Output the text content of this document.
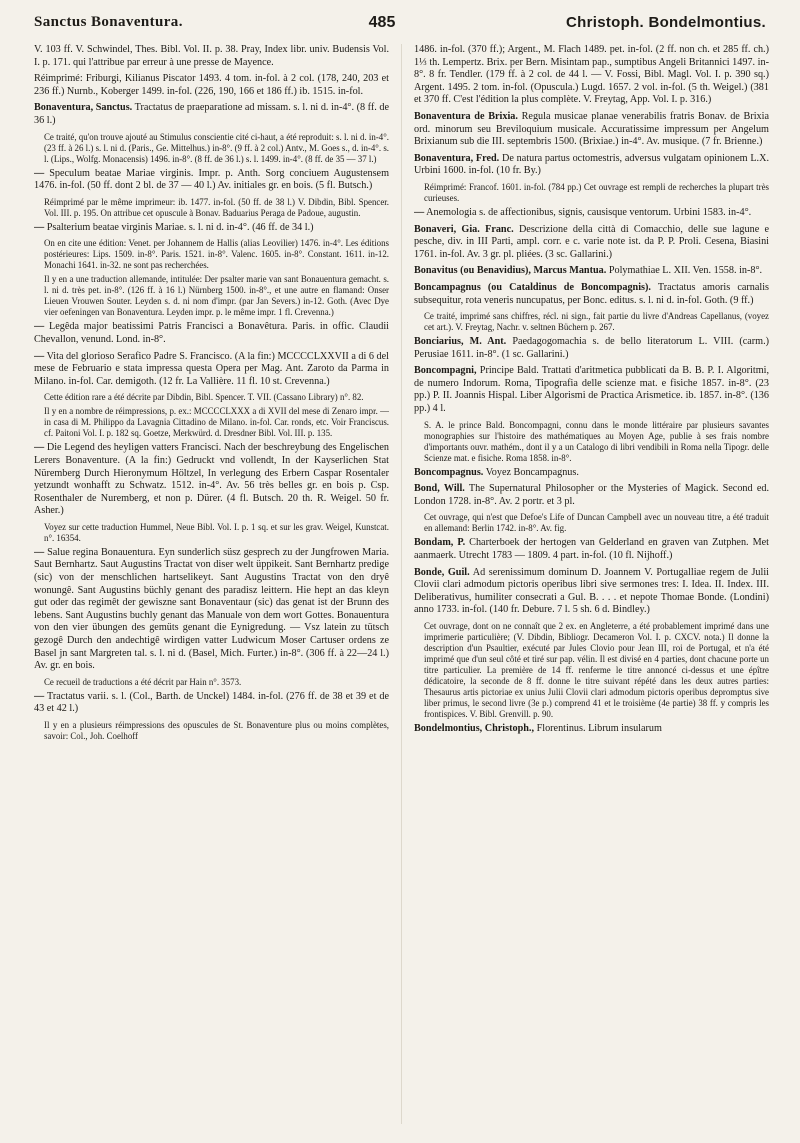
Sanctus Bonaventura.	485	Christoph. Bondelmontius.

V. 103 ff. V. Schwindel, Thes. Bibl. Vol. II. p. 38. Pray, Index libr. univ. Budensis Vol. I. p. 171. qui l'attribue par erreur à une presse de Mayence.

Réimprimé: Friburgi, Kilianus Piscator 1493. 4 tom. in-fol. à 2 col. (178, 240, 203 et 236 ff.) Nurnb., Koberger 1499. in-fol. (226, 190, 166 et 186 ff.) ib. 1515. in-fol.

Bonaventura, Sanctus. Tractatus de praeparatione ad missam. s. l. ni d. in-4°. (8 ff. de 36 l.)

Ce traité, qu'on trouve ajouté au Stimulus conscientie cité ci-haut, a été reproduit: s. l. ni d. in-4°. (23 ff. à 26 l.) s. l. ni d. (Paris., Ge. Mittelhus.) in-8°. (9 ff. à 2 col.) Antv., M. Goes s., d. in-4°. s. l. (Lips., Wolfg. Monacensis) 1496. in-8°. (8 ff. de 36 l.) s. l. 1499. in-4°. (8 ff. de 35 — 37 l.)

— Speculum beatae Mariae virginis. Impr. p. Anth. Sorg conciuem Augustensem 1476. in-fol. (50 ff. dont 2 bl. de 37 — 40 l.) Av. initiales gr. en bois. (5 fl. Butsch.)

Réimprimé par le même imprimeur: ib. 1477. in-fol. (50 ff. de 38 l.) V. Dibdin, Bibl. Spencer. Vol. III. p. 195. On attribue cet opuscule à Bonav. Baduarius Peraga de Padoue, augustin.

— Psalterium beatae virginis Mariae. s. l. ni d. in-4°. (46 ff. de 34 l.)

On en cite une édition: Venet. per Johannem de Hallis (alias Leovilier) 1476. in-4°. Les éditions postérieures: Lips. 1509. in-8°. Paris. 1521. in-8°. Valenc. 1605. in-8°. Constant. 1611. in-12. Monachi 1641. in-32. ne sont pas recherchées.

Il y en a une traduction allemande, intitulée: Der psalter marie van sant Bonauentura gemacht. s. l. ni d. très pet. in-8°. (126 ff. à 16 l.) Nürnberg 1500. in-8°., et une autre en flamand: Onser Lieuen Vrouwen Souter. Leyden s. d. ni nom d'impr. (par Jan Severs.) in-12. Goth. (Avec Dye vier oefeningen van Bonaventura. Leyden impr. p. le même impr. 1 fl. Crevenna.)

— Legêda major beatissimi Patris Francisci a Bonavêtura. Paris. in offic. Claudii Chevallon, venund. Lond. in-8°.

— Vita del glorioso Serafico Padre S. Francisco. (A la fin:) MCCCCLXXVII a di 6 del mese de Februario e stata impressa questa Opera per Mag. Ant. Zaroto da Parma in Milano. in-fol. Car. demigoth. (12 fr. La Vallière. 11 fl. 10 st. Crevenna.)

Cette édition rare a été décrite par Dibdin, Bibl. Spencer. T. VII. (Cassano Library) n°. 82.

Il y en a nombre de réimpressions, p. ex.: MCCCCLXXX a di XVII del mese di Zenaro impr. — in casa di M. Philippo da Lavagnia Cittadino de Milano. in-fol. Car. ronds, etc. Voir Franciscus. cf. Paitoni Vol. I. p. 182 sq. Goetze, Merkwürd. d. Dresdner Bibl. Vol. III. p. 135.

— Die Legend des heyligen vatters Francisci. Nach der beschreybung des Engelischen Lerers Bonaventure. (A la fin:) Gedruckt vnd vollendt, In der Kayserlichen Stat Nüremberg Durch Hieronymum Höltzel, In verlegung des Erbern Caspar Rosentaler yetzundt wonhafft zu Schwatz. 1512. in-4°. Av. 56 très belles gr. en bois p. Csp. Rosenthaler de Nuremberg, et non p. Dürer. (4 fl. Butsch. 20 th. R. Weigel. 50 fr. Asher.)

Voyez sur cette traduction Hummel, Neue Bibl. Vol. I. p. 1 sq. et sur les grav. Weigel, Kunstcat. n°. 16354.

— Salue regina Bonauentura. Eyn sunderlich süsz gesprech zu der Jungfrowen Maria. Saut Bernhartz. Saut Augustins Tractat von diser welt üppikeit. Sant Bernhartz predige (sic) von der menschlichen hartselikeyt. Sant Augustins Tractat von den dryê wonungê. Sant Augustins büchly genant des paradisz leittern. Hie hept an das kleyn gut oder das regimêt der gewiszne sant Bonaventaur (sic) das genat ist der Brunn des lebens. Sant Augustins buchly genant das Manuale von dem wort Gottes. Bonauentura von den vier übungen des gemüts genant die Eynigredung. — Vsz latein zu tütsch gezogê Durch den andechtigê wirdigen vatter Ludwicum Moser Cartuser ordens ze Basel jn sant Margreten tal. s. l. ni d. (Basel, Mich. Furter.) in-8°. (306 ff. à 22—24 l.) Av. gr. en bois.

Ce recueil de traductions a été décrit par Hain n°. 3573.

— Tractatus varii. s. l. (Col., Barth. de Unckel) 1484. in-fol. (276 ff. de 38 et 39 et de 43 et 42 l.)

Il y en a plusieurs réimpressions des opuscules de St. Bonaventure plus ou moins complètes, savoir: Col., Joh. Coelhoff

1486. in-fol. (370 ff.); Argent., M. Flach 1489. pet. in-fol. (2 ff. non ch. et 285 ff. ch.) 1⅓ th. Lempertz. Brix. per Bern. Misintam pap., sumptibus Angeli Britannici 1497. in-8°. 8 fr. Tendler. (179 ff. à 2 col. de 44 l. — V. Fossi, Bibl. Magl. Vol. I. p. 390 sq.) Argent. 1495. 2 tom. in-fol. (Opuscula.) Lugd. 1657. 2 vol. in-fol. (5 th. Weigel.) (381 et 370 ff. C'est l'édition la plus complète. V. Freytag, App. Vol. I. p. 316.)

Bonaventura de Brixia. Regula musicae planae venerabilis fratris Bonav. de Brixia ord. minorum seu Breviloquium musicale. Accuratissime impressum per Angelum Brixianum sub die III. septembris 1500. (Brixiae.) in-4°. Av. musique. (7 fr. Brienne.)

Bonaventura, Fred. De natura partus octomestris, adversus vulgatam opinionem L.X. Urbini 1600. in-fol. (10 fr. By.)

Réimprimé: Francof. 1601. in-fol. (784 pp.) Cet ouvrage est rempli de recherches la plupart très curieuses.

— Anemologia s. de affectionibus, signis, causisque ventorum. Urbini 1583. in-4°.

Bonaveri, Gia. Franc. Descrizione della città di Comacchio, delle sue lagune e pesche, div. in III Parti, ampl. corr. e c. varie note ist. da P. P. Proli. Cesena, Biasini 1761. in-fol. Av. 3 gr. pl. pliées. (3 sc. Gallarini.)

Bonavitus (ou Benavidius), Marcus Mantua. Polymathiae L. XII. Ven. 1558. in-8°.

Boncampagnus (ou Cataldinus de Boncompagnis). Tractatus amoris carnalis subsequitur, rota veneris nuncupatus, per Bonc. editus. s. l. ni d. in-fol. Goth. (9 ff.)

Ce traité, imprimé sans chiffres, récl. ni sign., fait partie du livre d'Andreas Capellanus, (voyez cet art.). V. Freytag, Nachr. v. seltnen Büchern p. 267.

Bonciarius, M. Ant. Paedagogomachia s. de bello literatorum L. VIII. (carm.) Perusiae 1611. in-8°. (1 sc. Gallarini.)

Boncompagni, Principe Bald. Trattati d'aritmetica pubblicati da B. B. P. I. Algoritmi, de numero Indorum. Roma, Tipografia delle scienze mat. e fisiche 1857. in-8°. (23 pp.) P. II. Joannis Hispal. Liber Algorismi de Practica Arismetice. ib. 1857. in-8°. (136 pp.) 4 l.

S. A. le prince Bald. Boncompagni, connu dans le monde littéraire par plusieurs savantes monographies sur l'histoire des mathématiques au Moyen Age, publie à ses frais nombre d'importants ouvr. mathém., dont il y a un Catalogo di libri vendibili in Roma nella Tipogr. delle Scienze mat. e fisiche. Roma 1858. in-8°.

Boncompagnus. Voyez Boncampagnus.

Bond, Will. The Supernatural Philosopher or the Mysteries of Magick. Second ed. London 1728. in-8°. Av. 2 portr. et 3 pl.

Cet ouvrage, qui n'est que Defoe's Life of Duncan Campbell avec un nouveau titre, a été traduit en allemand: Berlin 1742. in-8°. Av. fig.

Bondam, P. Charterboek der hertogen van Gelderland en graven van Zutphen. Met aanmaerk. Utrecht 1783 — 1809. 4 part. in-fol. (10 fl. Nijhoff.)

Bonde, Guil. Ad serenissimum dominum D. Joannem V. Portugalliae regem de Julii Clovii clari admodum pictoris operibus libri sive sermones tres: I. Idea. II. Index. III. Deliberativus, humiliter consecrati a Gul. B. . . . et nepote Thomae Bonde. (Londini) anno 1733. in-fol. (140 fr. Debure. 7 l. 5 sh. 6 d. Bindley.)

Cet ouvrage, dont on ne connaît que 2 ex. en Angleterre, a été probablement imprimé dans une imprimerie particulière; (V. Dibdin, Bibliogr. Decameron Vol. I. p. CXCV. nota.) Il donne la description d'un Psaultier, exécuté par Jules Clovio pour Jean III, roi de Portugal, et n'a été imprimé que d'un seul côté et tiré sur pap. vélin. Il est divisé en 4 parties, dont chacune porte un titre particulier. La première de 14 ff. renferme le titre annoncé ci-dessus et une épître dédicatoire, la seconde de 8 ff. donne le titre suivant répété dans les deux autres parties: Thesaurus artis pictoriae ex unius Julii Clovii clari admodum pictoris operibus depromptus sive liber primus, le second livre (3e p.) comprend 41 et le troisième (4e partie) 38 ff. y compris les frontispices. V. Bibl. Grenvill. p. 90.

Bondelmontius, Christoph., Florentinus. Librum insularum
